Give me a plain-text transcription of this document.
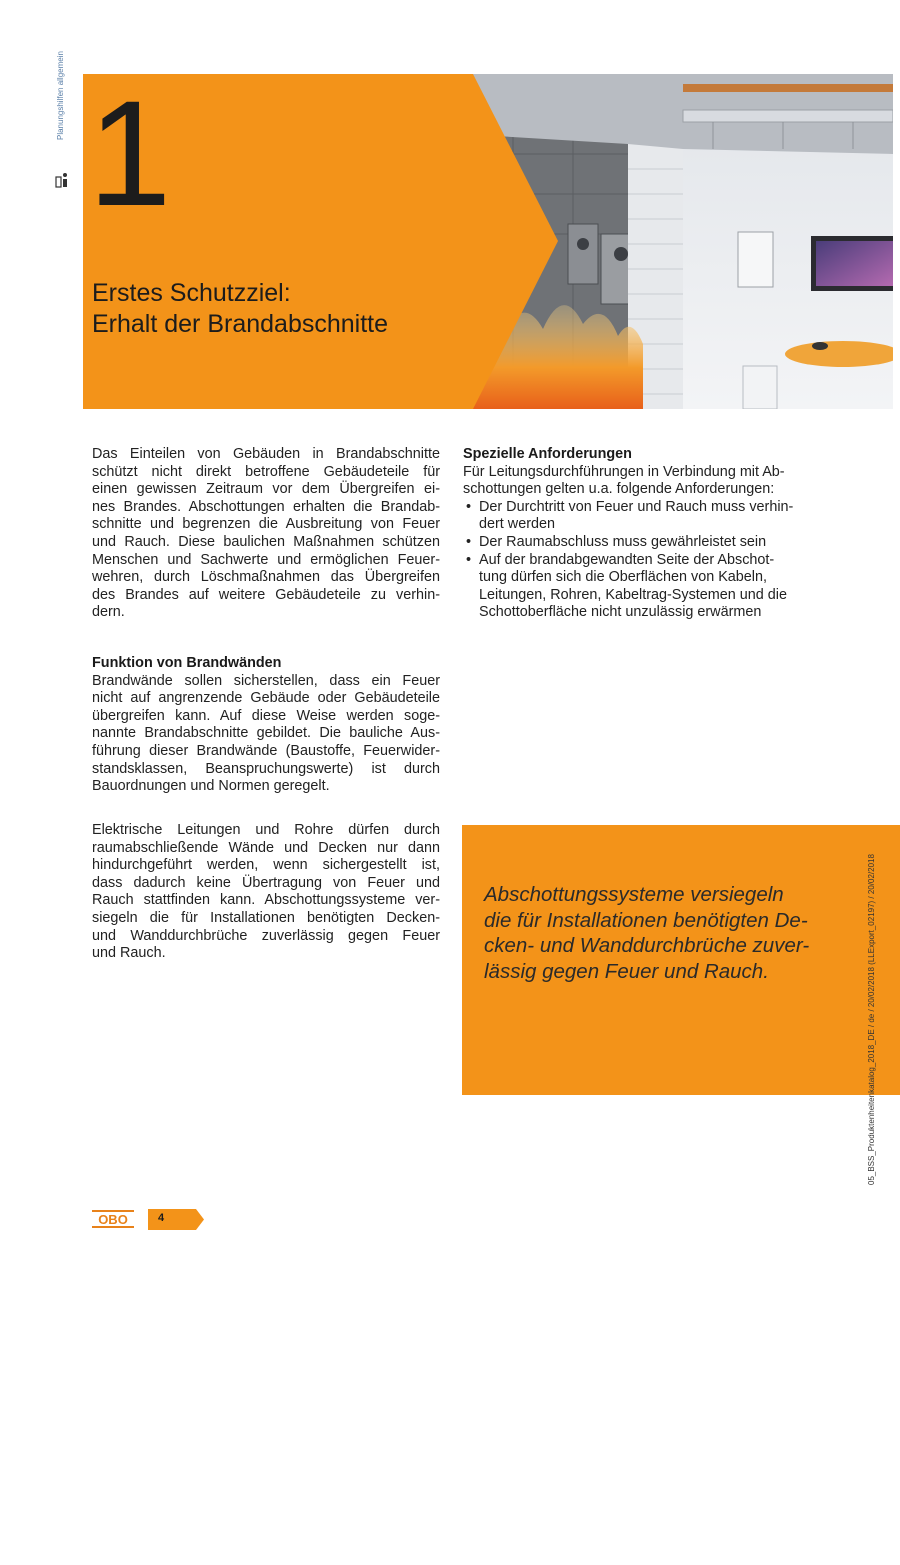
Planungshilfen allgemein 1
Erstes Schutzziel:
Erhalt der Brandabschnitte
Das Einteilen von Gebäuden in Brandabschnitte
schützt nicht direkt betroffene Gebäudeteile für
einen gewissen Zeitraum vor dem Übergreifen ei-
nes Brandes. Abschottungen erhalten die Brandab-
schnitte und begrenzen die Ausbreitung von Feuer
und Rauch. Diese baulichen Maßnahmen schützen
Menschen und Sachwerte und ermöglichen Feuer-
wehren, durch Löschmaßnahmen das Übergreifen
des Brandes auf weitere Gebäudeteile zu verhin-
dern.
Spezielle Anforderungen
Für Leitungsdurchführungen in Verbindung mit Ab-
schottungen gelten u.a. folgende Anforderungen:
• Der Durchtritt von Feuer und Rauch muss verhin-
dert werden
• Der Raumabschluss muss gewährleistet sein
• Auf der brandabgewandten Seite der Abschot-
tung dürfen sich die Oberflächen von Kabeln,
Leitungen, Rohren, Kabeltrag-Systemen und die
Schottoberfläche nicht unzulässig erwärmen
Funktion von Brandwänden
Brandwände sollen sicherstellen, dass ein Feuer
nicht auf angrenzende Gebäude oder Gebäudeteile
übergreifen kann. Auf diese Weise werden soge-
nannte Brandabschnitte gebildet. Die bauliche Aus-
führung dieser Brandwände (Baustoffe, Feuerwider-
standsklassen, Beanspruchungswerte) ist durch
Bauordnungen und Normen geregelt.
Elektrische Leitungen und Rohre dürfen durch
raumabschließende Wände und Decken nur dann
hindurchgeführt werden, wenn sichergestellt ist,
dass dadurch keine Übertragung von Feuer und
Rauch stattfinden kann. Abschottungssysteme ver-
siegeln die für Installationen benötigten Decken-
und Wanddurchbrüche zuverlässig gegen Feuer
und Rauch.
Abschottungssysteme versiegeln
die für Installationen benötigten De-
cken- und Wanddurchbrüche zuver-
lässig gegen Feuer und Rauch.	05_BSS_Produktenheitenkatalog_2018_DE / de / 20/02/2018 (LLExport_02197) / 20/02/2018
OBO	4
